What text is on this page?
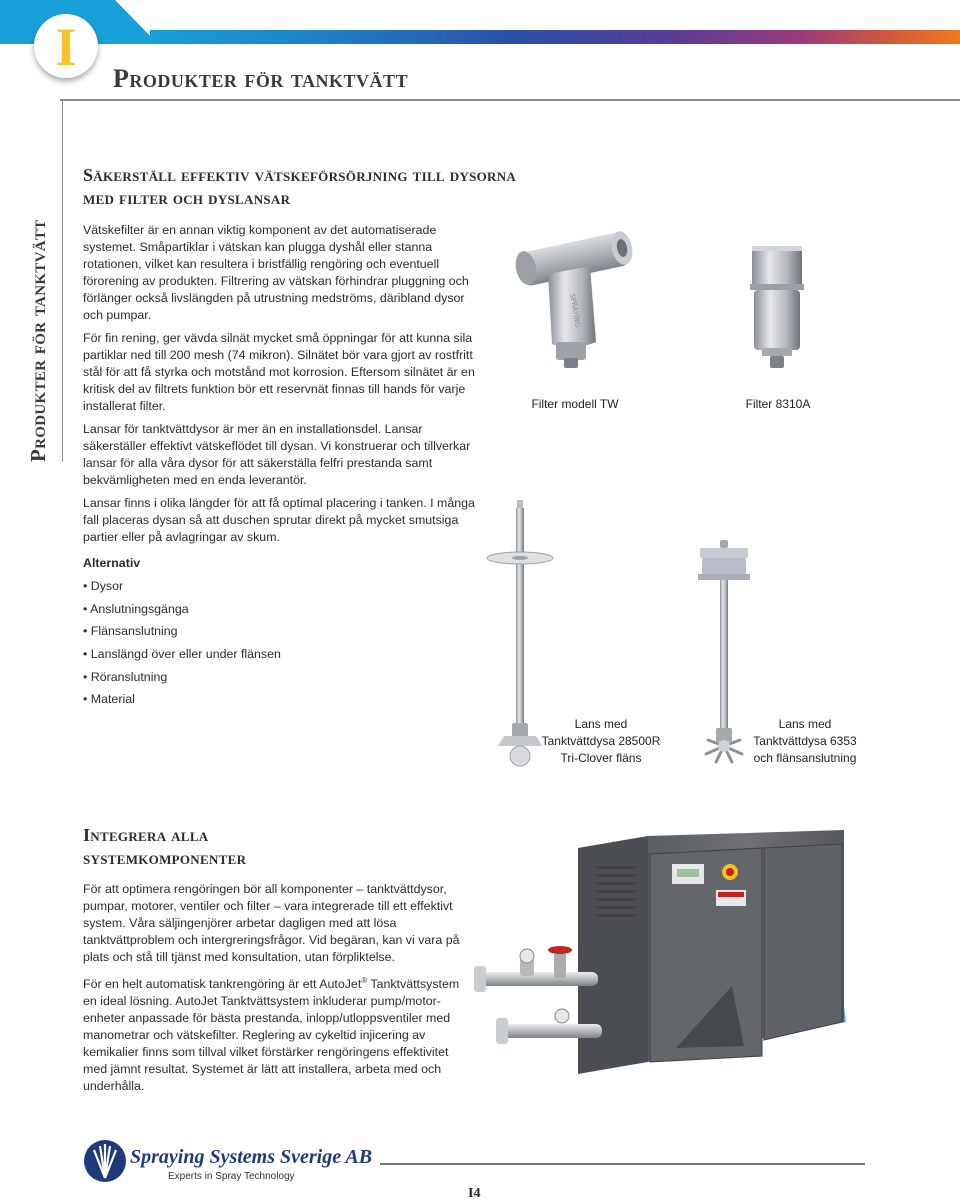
I
Produkter för tanktvätt
Produkter för tanktvätt

Säkerställ effektiv vätskeförsörjning till dysorna

med filter och dyslansar

Vätskefilter är en annan viktig komponent av det automatiserade systemet. Småpartiklar i vätskan kan plugga dyshål eller stanna rotationen, vilket kan resultera i bristfällig rengöring och eventuell förorening av produkten. Filtrering av vätskan förhindrar pluggning och förlänger också livslängden på utrustning medströms, däribland dysor och pumpar.

För fin rening, ger vävda silnät mycket små öppningar för att kunna sila partiklar ned till 200 mesh (74 mikron). Silnätet bör vara gjort av rostfritt stål för att få styrka och motstånd mot korrosion. Eftersom silnätet är en kritisk del av filtrets funktion bör ett reservnät finnas till hands för varje installerat filter.

Lansar för tanktvättdysor är mer än en installationsdel. Lansar säkerställer effektivt vätskeflödet till dysan. Vi konstruerar och tillverkar lansar för alla våra dysor för att säkerställa felfri prestanda samt bekvämligheten med en enda leverantör.

Lansar finns i olika längder för att få optimal placering i tanken. I många fall placeras dysan så att duschen sprutar direkt på mycket smutsiga partier eller på avlagringar av skum.

SPRAYING
Filter modell TW	Filter 8310A
Lans med
Tanktvättdysa 28500R
Tri-Clover fläns
Lans med
Tanktvättdysa 6353
och flänsanslutning

Alternativ

• Dysor

• Anslutningsgänga

• Flänsanslutning

• Lanslängd över eller under flänsen

• Röranslutning

• Material

Integrera alla

systemkomponenter

För att optimera rengöringen bör all komponenter – tanktvättdysor, pumpar, motorer, ventiler och filter – vara integrerade till ett effektivt system. Våra säljingenjörer arbetar dagligen med att lösa tanktvättproblem och intergreringsfrågor. Vid begäran, kan vi vara på plats och stå till tjänst med konsultation, utan förpliktelse.

För en helt automatisk tankrengöring är ett AutoJet® Tanktvättsystem en ideal lösning. AutoJet Tanktvättsystem inkluderar pump/motor-enheter anpassade för bästa prestanda, inlopp/utloppsventiler med manometrar och vätskefilter. Reglering av cykeltid injicering av kemikalier finns som tillval vilket förstärker rengöringens effektivitet med jämnt resultat. Systemet är lätt att installera, arbeta med och underhålla.

Spraying Systems Sverige AB
Experts in Spray Technology
I4
